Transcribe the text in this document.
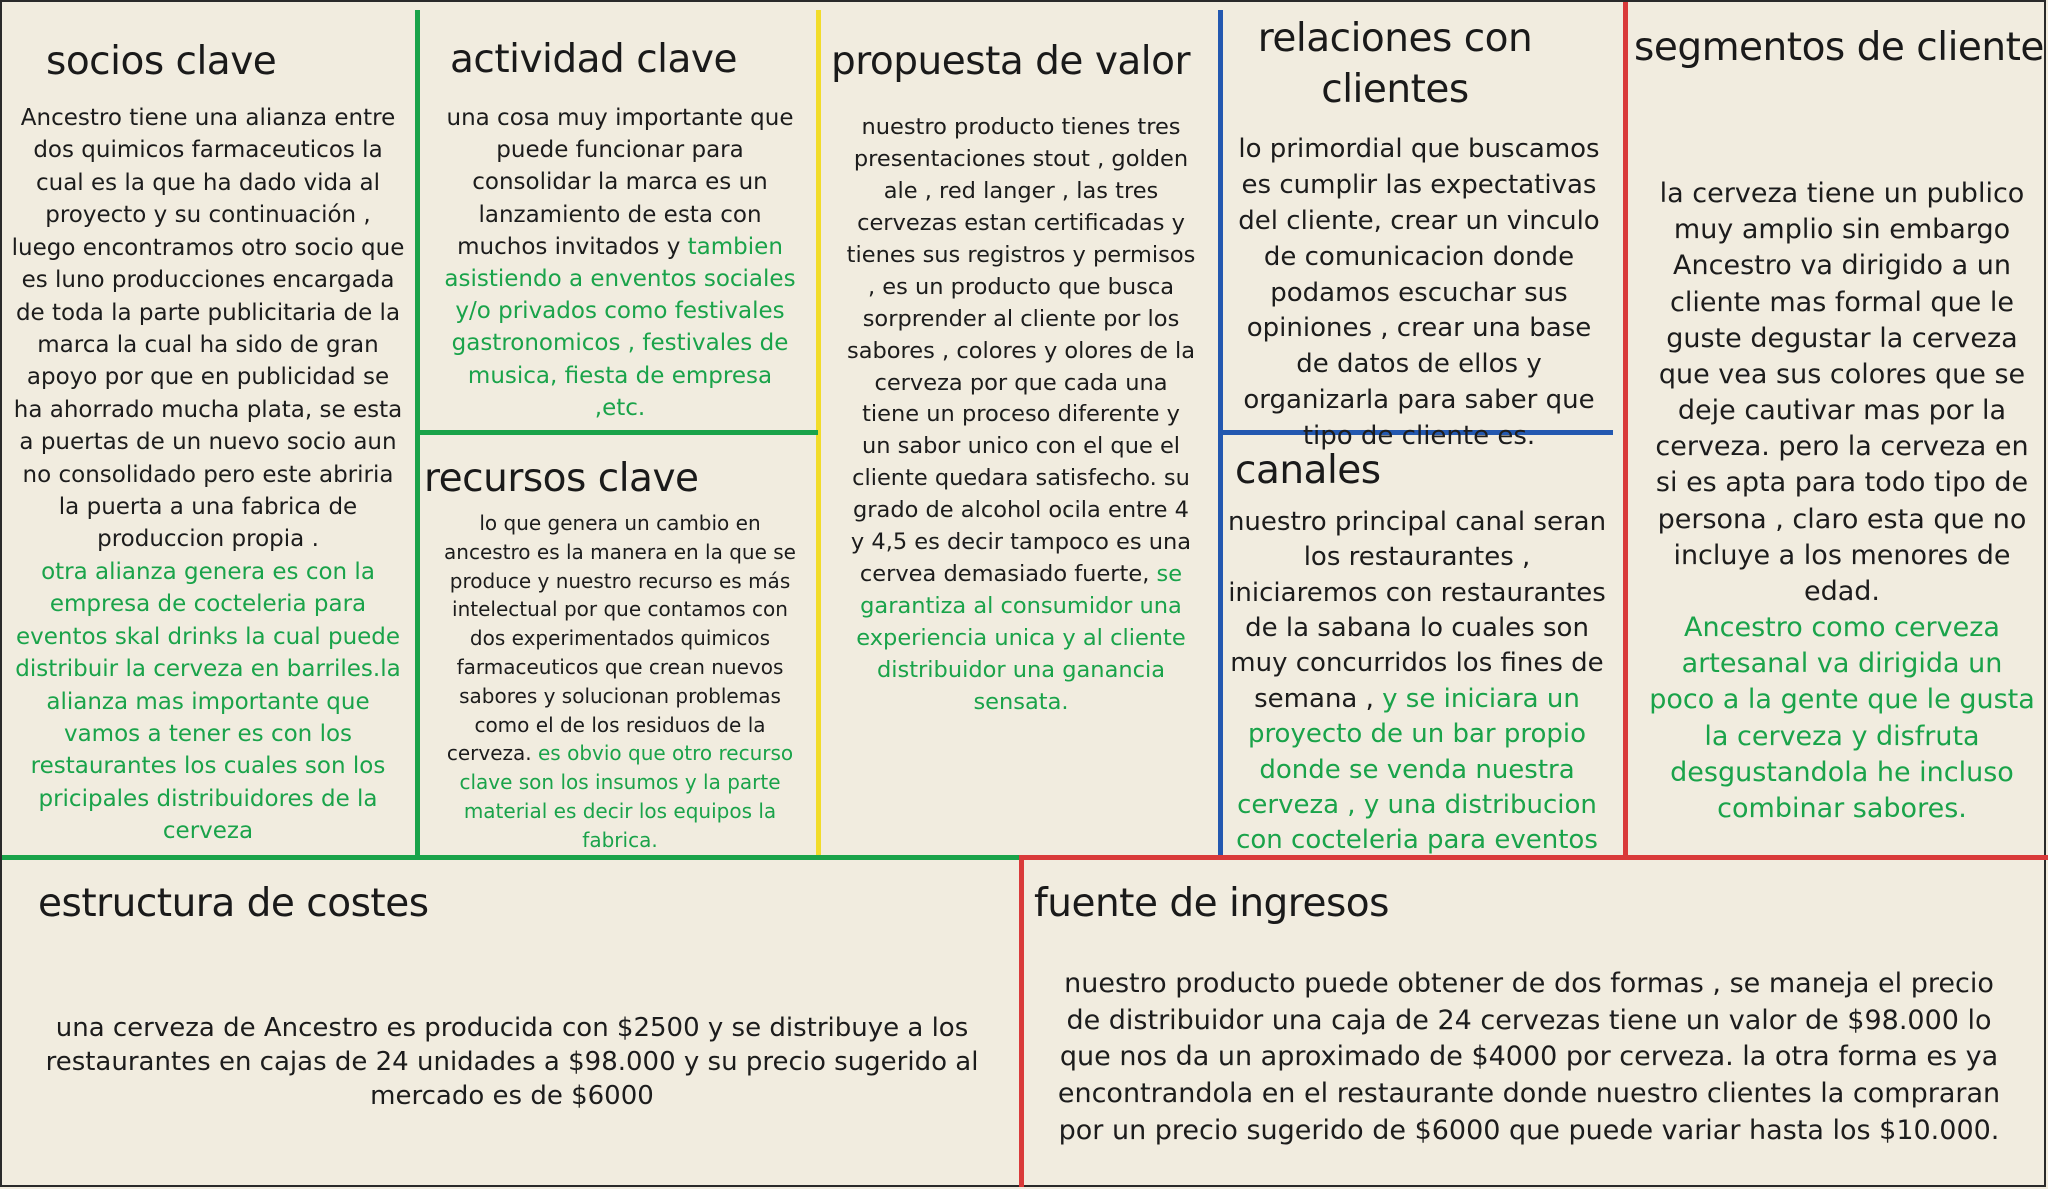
socios clave

Ancestro tiene una alianza entre dos quimicos farmaceuticos la cual es la que ha dado vida al proyecto y su continuación , luego encontramos otro socio que es luno producciones encargada de toda la parte publicitaria de la marca la cual ha sido de gran apoyo por que en publicidad se ha ahorrado mucha plata, se esta a puertas de un nuevo socio aun no consolidado pero este abriria la puerta a una fabrica de produccion propia .

otra alianza genera es con la empresa de cocteleria para eventos skal drinks la cual puede distribuir la cerveza en barriles.la alianza mas importante que vamos a tener es con los restaurantes los cuales son los pricipales distribuidores de la cerveza

actividad clave
una cosa muy importante que puede funcionar para consolidar la marca es un lanzamiento de esta con muchos invitados y tambien asistiendo a enventos sociales y/o privados como festivales gastronomicos , festivales de musica, fiesta de empresa ,etc.
recursos clave
lo que genera un cambio en ancestro es la manera en la que se produce y nuestro recurso es más intelectual por que contamos con dos experimentados quimicos farmaceuticos que crean nuevos sabores y solucionan problemas como el de los residuos de la cerveza. es obvio que otro recurso clave son los insumos y la parte material es decir los equipos la fabrica.
propuesta de valor
nuestro producto tienes tres presentaciones stout , golden ale , red langer , las tres cervezas estan certificadas y tienes sus registros y permisos , es un producto que busca sorprender al cliente por los sabores , colores y olores de la cerveza por que cada una tiene un proceso diferente y un sabor unico con el que el cliente quedara satisfecho. su grado de alcohol ocila entre 4 y 4,5 es decir tampoco es una cervea demasiado fuerte, se garantiza al consumidor una experiencia unica y al cliente distribuidor una ganancia sensata.
relaciones con clientes
lo primordial que buscamos es cumplir las expectativas del cliente, crear un vinculo de comunicacion donde podamos escuchar sus opiniones , crear una base de datos de ellos y organizarla para saber que tipo de cliente es.
canales
nuestro principal canal seran los restaurantes , iniciaremos con restaurantes de la sabana lo cuales son muy concurridos los fines de semana , y se iniciara un proyecto de un bar propio donde se venda nuestra cerveza , y una distribucion con cocteleria para eventos
segmentos de cliente

la cerveza tiene un publico muy amplio sin embargo Ancestro va dirigido a un cliente mas formal que le guste degustar la cerveza que vea sus colores que se deje cautivar mas por la cerveza. pero la cerveza en si es apta para todo tipo de persona , claro esta que no incluye a los menores de edad.

Ancestro como cerveza artesanal va dirigida un poco a la gente que le gusta la cerveza y disfruta desgustandola he incluso combinar sabores.

estructura de costes
una cerveza de Ancestro es producida con $2500 y se distribuye a los restaurantes en cajas de 24 unidades a $98.000 y su precio sugerido al mercado es de $6000
fuente de ingresos
nuestro producto puede obtener de dos formas , se maneja el precio de distribuidor una caja de 24 cervezas tiene un valor de $98.000 lo que nos da un aproximado de $4000 por cerveza. la otra forma es ya encontrandola en el restaurante donde nuestro clientes la compraran por un precio sugerido de $6000 que puede variar hasta los $10.000.
